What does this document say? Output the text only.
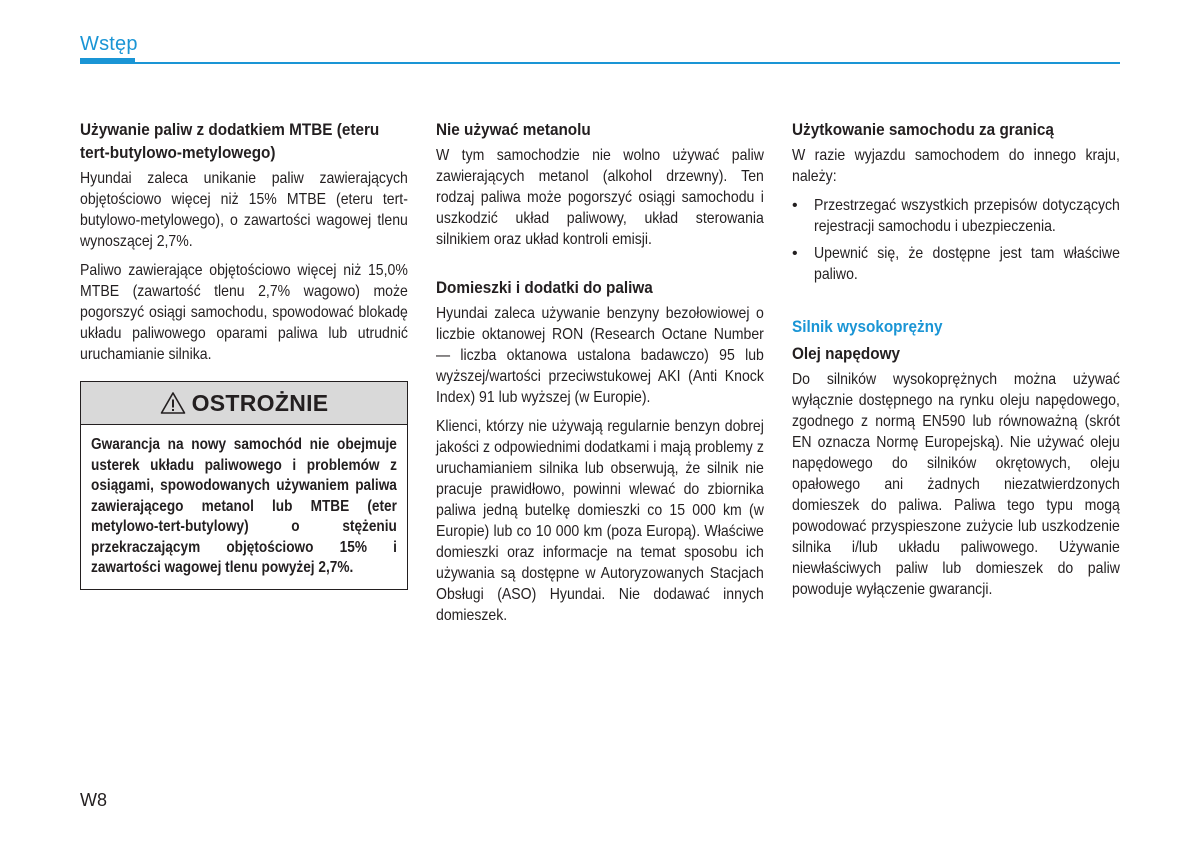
Wstęp
Używanie paliw z dodatkiem MTBE (eteru tert-butylowo-metylowego)
Hyundai zaleca unikanie paliw zawierających objętościowo więcej niż 15% MTBE (eteru tert-butylowo-metylowego), o zawartości wagowej tlenu wynoszącej 2,7%.
Paliwo zawierające objętościowo więcej niż 15,0% MTBE (zawartość tlenu 2,7% wagowo) może pogorszyć osiągi samochodu, spowodować blokadę układu paliwowego oparami paliwa lub utrudnić uruchamianie silnika.
OSTROŻNIE
Gwarancja na nowy samochód nie obejmuje usterek układu paliwowego i problemów z osiągami, spowodowanych używaniem paliwa zawierającego metanol lub MTBE (eter metylowo-tert-butylowy) o stężeniu przekraczającym objętościowo 15% i zawartości wagowej tlenu powyżej 2,7%.
Nie używać metanolu
W tym samochodzie nie wolno używać paliw zawierających metanol (alkohol drzewny). Ten rodzaj paliwa może pogorszyć osiągi samochodu i uszkodzić układ paliwowy, układ sterowania silnikiem oraz układ kontroli emisji.
Domieszki i dodatki do paliwa
Hyundai zaleca używanie benzyny bezołowiowej o liczbie oktanowej RON (Research Octane Number — liczba oktanowa ustalona badawczo) 95 lub wyższej/wartości przeciwstukowej AKI (Anti Knock Index) 91 lub wyższej (w Europie).
Klienci, którzy nie używają regularnie benzyn dobrej jakości z odpowiednimi dodatkami i mają problemy z uruchamianiem silnika lub obserwują, że silnik nie pracuje prawidłowo, powinni wlewać do zbiornika paliwa jedną butelkę domieszki co 15 000 km (w Europie) lub co 10 000 km (poza Europą). Właściwe domieszki oraz informacje na temat sposobu ich używania są dostępne w Autoryzowanych Stacjach Obsługi (ASO) Hyundai. Nie dodawać innych domieszek.
Użytkowanie samochodu za granicą
W razie wyjazdu samochodem do innego kraju, należy:
• Przestrzegać wszystkich przepisów dotyczących rejestracji samochodu i ubezpieczenia.
• Upewnić się, że dostępne jest tam właściwe paliwo.
Silnik wysokoprężny
Olej napędowy
Do silników wysokoprężnych można używać wyłącznie dostępnego na rynku oleju napędowego, zgodnego z normą EN590 lub równoważną (skrót EN oznacza Normę Europejską). Nie używać oleju napędowego do silników okrętowych, oleju opałowego ani żadnych niezatwierdzonych domieszek do paliwa. Paliwa tego typu mogą powodować przyspieszone zużycie lub uszkodzenie silnika i/lub układu paliwowego. Używanie niewłaściwych paliw lub domieszek do paliw powoduje wyłączenie gwarancji.
W8
